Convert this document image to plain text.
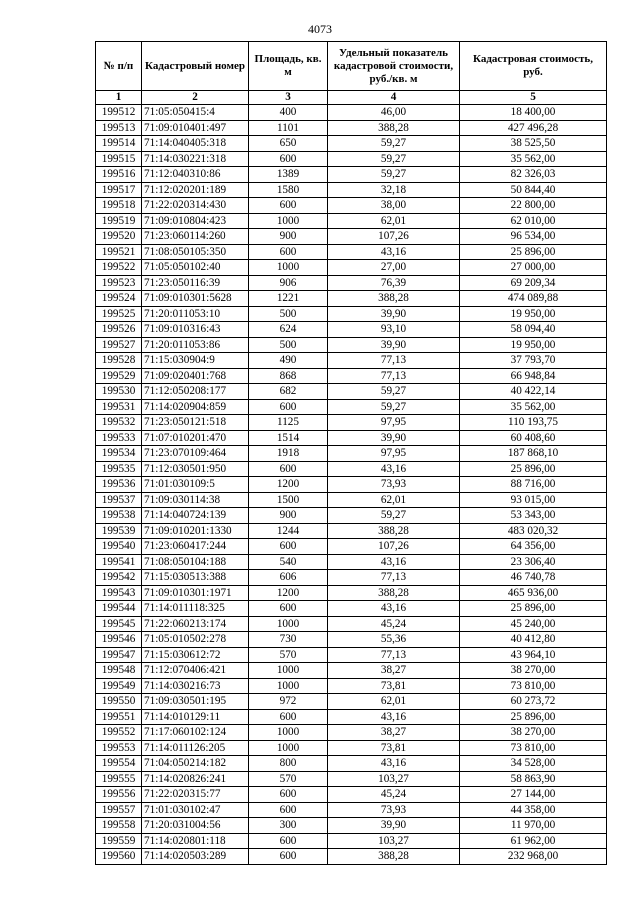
4073
№ п/п	Кадастровый номер	Площадь, кв. м	Удельный показатель кадастровой стоимости, руб./кв. м	Кадастровая стоимость, руб.
1	2	3	4	5
199512	71:05:050415:4	400	46,00	18 400,00
199513	71:09:010401:497	1101	388,28	427 496,28
199514	71:14:040405:318	650	59,27	38 525,50
199515	71:14:030221:318	600	59,27	35 562,00
199516	71:12:040310:86	1389	59,27	82 326,03
199517	71:12:020201:189	1580	32,18	50 844,40
199518	71:22:020314:430	600	38,00	22 800,00
199519	71:09:010804:423	1000	62,01	62 010,00
199520	71:23:060114:260	900	107,26	96 534,00
199521	71:08:050105:350	600	43,16	25 896,00
199522	71:05:050102:40	1000	27,00	27 000,00
199523	71:23:050116:39	906	76,39	69 209,34
199524	71:09:010301:5628	1221	388,28	474 089,88
199525	71:20:011053:10	500	39,90	19 950,00
199526	71:09:010316:43	624	93,10	58 094,40
199527	71:20:011053:86	500	39,90	19 950,00
199528	71:15:030904:9	490	77,13	37 793,70
199529	71:09:020401:768	868	77,13	66 948,84
199530	71:12:050208:177	682	59,27	40 422,14
199531	71:14:020904:859	600	59,27	35 562,00
199532	71:23:050121:518	1125	97,95	110 193,75
199533	71:07:010201:470	1514	39,90	60 408,60
199534	71:23:070109:464	1918	97,95	187 868,10
199535	71:12:030501:950	600	43,16	25 896,00
199536	71:01:030109:5	1200	73,93	88 716,00
199537	71:09:030114:38	1500	62,01	93 015,00
199538	71:14:040724:139	900	59,27	53 343,00
199539	71:09:010201:1330	1244	388,28	483 020,32
199540	71:23:060417:244	600	107,26	64 356,00
199541	71:08:050104:188	540	43,16	23 306,40
199542	71:15:030513:388	606	77,13	46 740,78
199543	71:09:010301:1971	1200	388,28	465 936,00
199544	71:14:011118:325	600	43,16	25 896,00
199545	71:22:060213:174	1000	45,24	45 240,00
199546	71:05:010502:278	730	55,36	40 412,80
199547	71:15:030612:72	570	77,13	43 964,10
199548	71:12:070406:421	1000	38,27	38 270,00
199549	71:14:030216:73	1000	73,81	73 810,00
199550	71:09:030501:195	972	62,01	60 273,72
199551	71:14:010129:11	600	43,16	25 896,00
199552	71:17:060102:124	1000	38,27	38 270,00
199553	71:14:011126:205	1000	73,81	73 810,00
199554	71:04:050214:182	800	43,16	34 528,00
199555	71:14:020826:241	570	103,27	58 863,90
199556	71:22:020315:77	600	45,24	27 144,00
199557	71:01:030102:47	600	73,93	44 358,00
199558	71:20:031004:56	300	39,90	11 970,00
199559	71:14:020801:118	600	103,27	61 962,00
199560	71:14:020503:289	600	388,28	232 968,00
